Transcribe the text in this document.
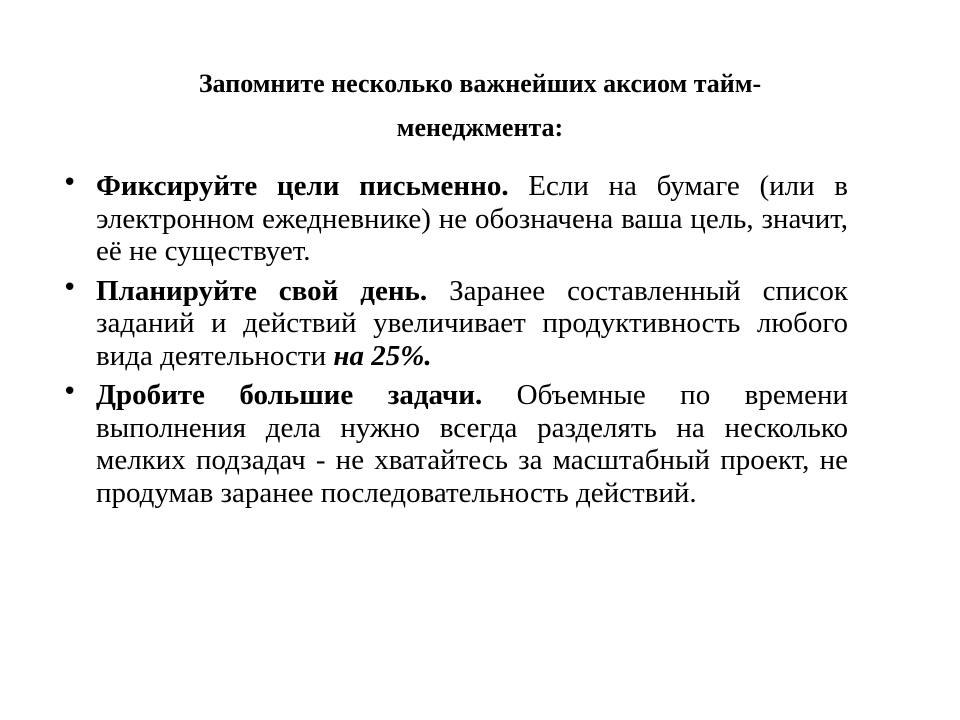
Запомните несколько важнейших аксиом тайм-менеджмента:
• Фиксируйте цели письменно. Если на бумаге (или в электронном ежедневнике) не обозначена ваша цель, значит, её не существует.
• Планируйте свой день. Заранее составленный список заданий и действий увеличивает продуктивность любого вида деятельности на 25%.
• Дробите большие задачи. Объемные по времени выполнения дела нужно всегда разделять на несколько мелких подзадач - не хватайтесь за масштабный проект, не продумав заранее последовательность действий.
